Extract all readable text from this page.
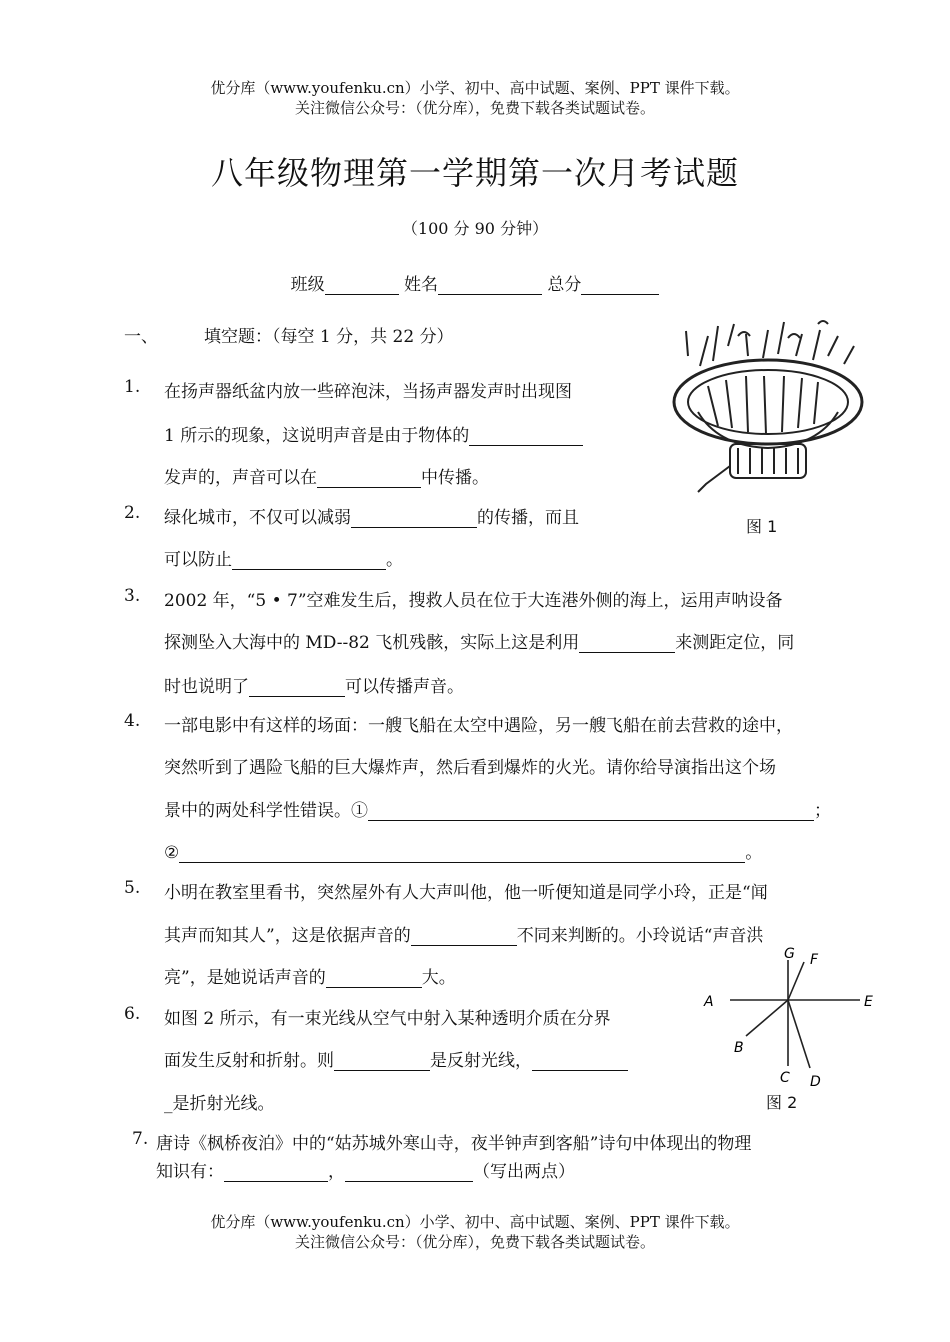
优分库（www.youfenku.cn）小学、初中、高中试题、案例、PPT 课件下载。
关注微信公众号：（优分库），免费下载各类试题试卷。
八年级物理第一学期第一次月考试题
（100 分 90 分钟）
班级	姓名	总分
一、	填空题：（每空 1 分，共 22 分）
图 1
1. 在扬声器纸盆内放一些碎泡沫，当扬声器发声时出现图
1 所示的现象，这说明声音是由于物体的
发声的，声音可以在	中传播。
2. 绿化城市，不仅可以减弱	的传播，而且
可以防止	。
3. 2002 年，“5 • 7”空难发生后，搜救人员在位于大连港外侧的海上，运用声呐设备
探测坠入大海中的 MD--82 飞机残骸，实际上这是利用	来测距定位，同
时也说明了	可以传播声音。
4. 一部电影中有这样的场面：一艘飞船在太空中遇险，另一艘飞船在前去营救的途中，
突然听到了遇险飞船的巨大爆炸声，然后看到爆炸的火光。请你给导演指出这个场
景中的两处科学性错误。①	；
②	。
5. 小明在教室里看书，突然屋外有人大声叫他，他一听便知道是同学小玲，正是“闻
其声而知其人”，这是依据声音的	不同来判断的。小玲说话“声音洪
亮”，是她说话声音的	大。
A	E
G F
B
C D
图 2
6. 如图 2 所示，有一束光线从空气中射入某种透明介质在分界
面发生反射和折射。则	是反射光线，
_是折射光线。
7. 唐诗《枫桥夜泊》中的“姑苏城外寒山寺，夜半钟声到客船”诗句中体现出的物理
知识有：	，	（写出两点）
优分库（www.youfenku.cn）小学、初中、高中试题、案例、PPT 课件下载。
关注微信公众号：（优分库），免费下载各类试题试卷。
